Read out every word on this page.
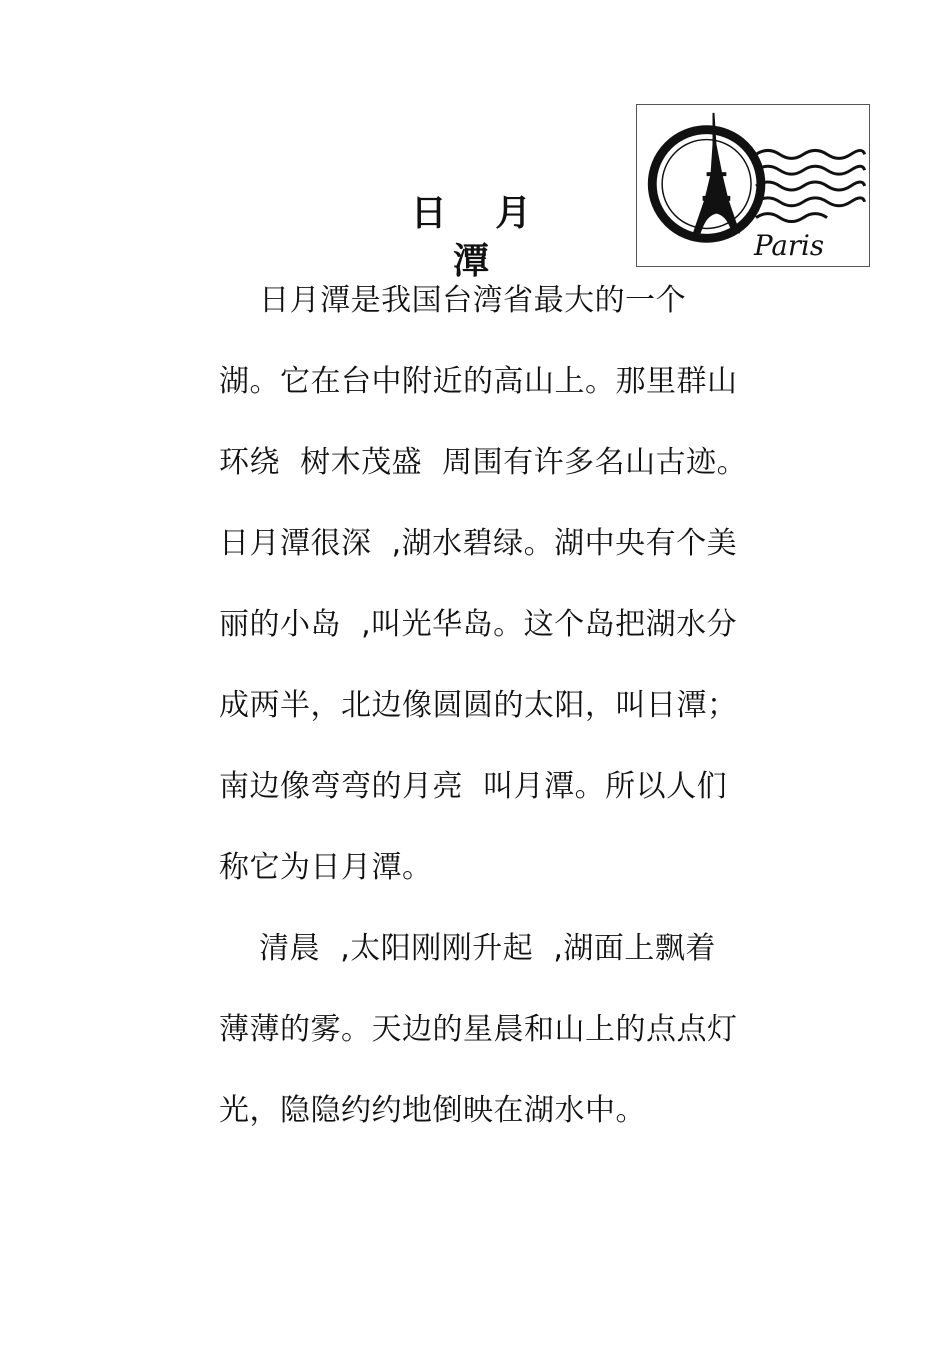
Paris
日 月 潭
日月潭是我国台湾省最大的一个
湖。它在台中附近的高山上。那里群山
环绕  树木茂盛  周围有许多名山古迹。
日月潭很深  ,湖水碧绿。湖中央有个美
丽的小岛  ,叫光华岛。这个岛把湖水分
成两半，北边像圆圆的太阳，叫日潭；
南边像弯弯的月亮  叫月潭。所以人们
称它为日月潭。
清晨  ,太阳刚刚升起  ,湖面上飘着
薄薄的雾。天边的星晨和山上的点点灯
光，隐隐约约地倒映在湖水中。
